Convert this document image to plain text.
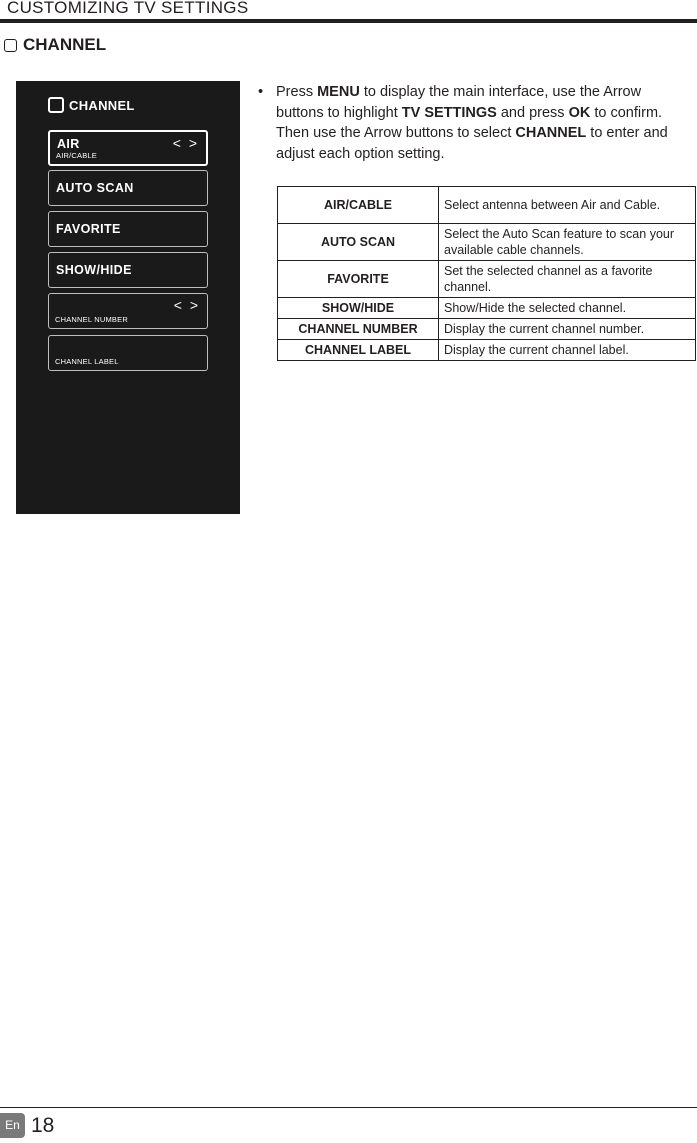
CUSTOMIZING TV SETTINGS
CHANNEL
CHANNEL
AIR
AIR/CABLE
< >
AUTO SCAN
FAVORITE
SHOW/HIDE
CHANNEL NUMBER
< >
CHANNEL LABEL
• Press MENU to display the main interface, use the Arrow buttons to highlight TV SETTINGS and press OK to confirm. Then use the Arrow buttons to select CHANNEL to enter and adjust each option setting.
AIR/CABLE	Select antenna between Air and Cable.
AUTO SCAN	Select the Auto Scan feature to scan your available cable channels.
FAVORITE	Set the selected channel as a favorite channel.
SHOW/HIDE	Show/Hide the selected channel.
CHANNEL NUMBER	Display the current channel number.
CHANNEL LABEL	Display the current channel label.
En 18
